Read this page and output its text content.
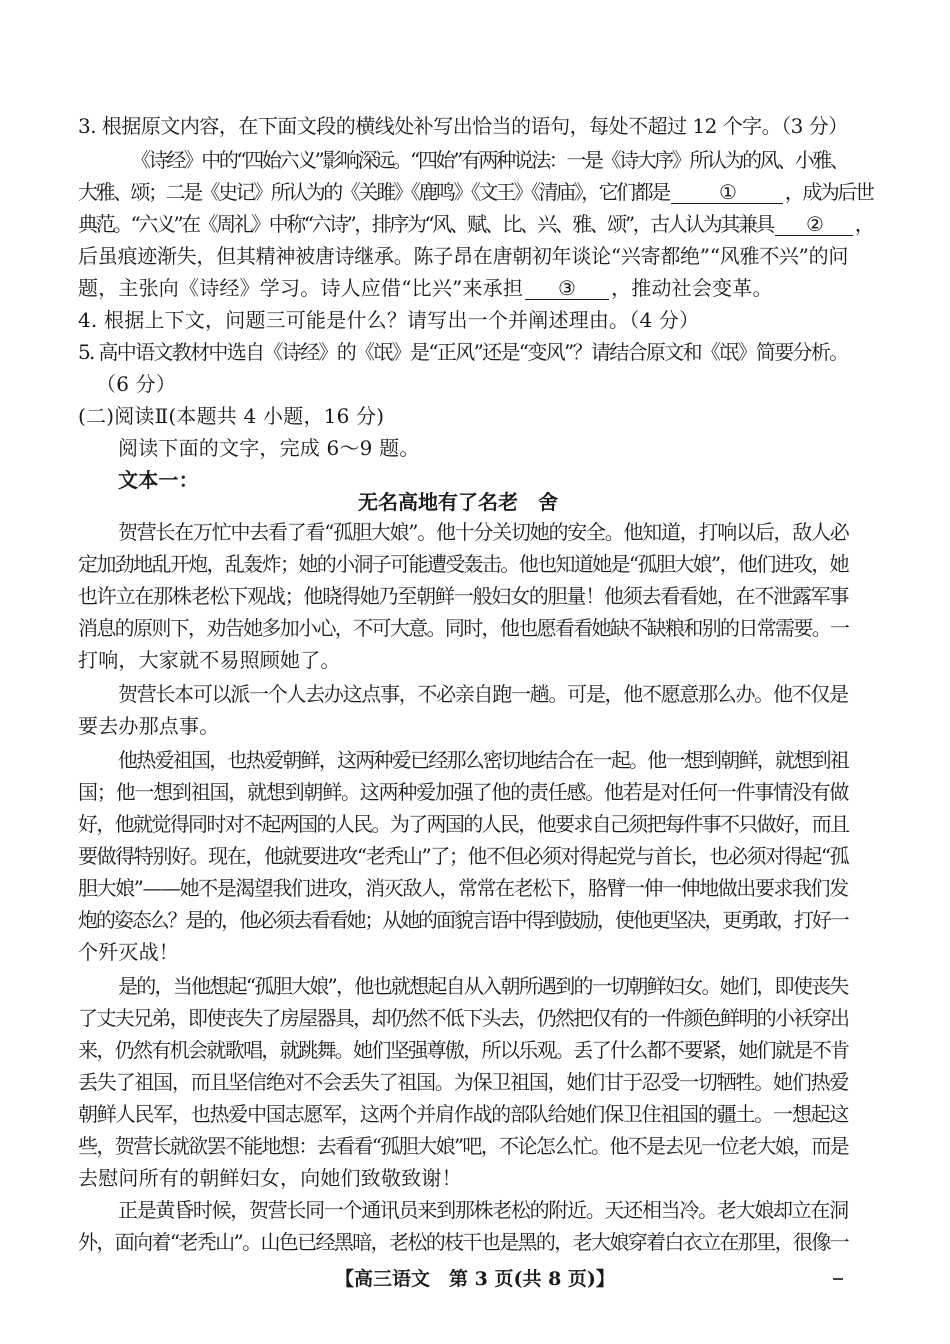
3. 根据原文内容，在下面文段的横线处补写出恰当的语句，每处不超过 12 个字。（3 分）
《诗经》中的“四始六义”影响深远。“四始”有两种说法：一是《诗大序》所认为的风、小雅、
大雅、颂；二是《史记》所认为的《关雎》《鹿鸣》《文王》《清庙》，它们都是	①	，成为后世
典范。“六义”在《周礼》中称“六诗”，排序为“风、赋、比、兴、雅、颂”，古人认为其兼具 ② ，
后虽痕迹渐失，但其精神被唐诗继承。陈子昂在唐朝初年谈论“兴寄都绝”“风雅不兴”的问
题，主张向《诗经》学习。诗人应借“比兴”来承担 ③ ，推动社会变革。
4. 根据上下文，问题三可能是什么？请写出一个并阐述理由。（4 分）
5. 高中语文教材中选自《诗经》的《氓》是“正风”还是“变风”？请结合原文和《氓》简要分析。
（6 分）
(二)阅读Ⅱ(本题共 4 小题，16 分)
阅读下面的文字，完成 6～9 题。
文本一：
无名高地有了名 老　舍
贺营长在万忙中去看了看“孤胆大娘”。他十分关切她的安全。他知道，打响以后，敌人必
定加劲地乱开炮，乱轰炸；她的小洞子可能遭受轰击。他也知道她是“孤胆大娘”，他们进攻，她
也许立在那株老松下观战；他晓得她乃至朝鲜一般妇女的胆量！他须去看看她，在不泄露军事
消息的原则下，劝告她多加小心，不可大意。同时，他也愿看看她缺不缺粮和别的日常需要。一
打响，大家就不易照顾她了。
贺营长本可以派一个人去办这点事，不必亲自跑一趟。可是，他不愿意那么办。他不仅是
要去办那点事。
他热爱祖国，也热爱朝鲜，这两种爱已经那么密切地结合在一起。他一想到朝鲜，就想到祖
国；他一想到祖国，就想到朝鲜。这两种爱加强了他的责任感。他若是对任何一件事情没有做
好，他就觉得同时对不起两国的人民。为了两国的人民，他要求自己须把每件事不只做好，而且
要做得特别好。现在，他就要进攻“老秃山”了；他不但必须对得起党与首长，也必须对得起“孤
胆大娘”——她不是渴望我们进攻，消灭敌人，常常在老松下，胳臂一伸一伸地做出要求我们发
炮的姿态么？是的，他必须去看看她；从她的面貌言语中得到鼓励，使他更坚决，更勇敢，打好一
个歼灭战！
是的，当他想起“孤胆大娘”，他也就想起自从入朝所遇到的一切朝鲜妇女。她们，即使丧失
了丈夫兄弟，即使丧失了房屋器具，却仍然不低下头去，仍然把仅有的一件颜色鲜明的小袄穿出
来，仍然有机会就歌唱，就跳舞。她们坚强尊傲，所以乐观。丢了什么都不要紧，她们就是不肯
丢失了祖国，而且坚信绝对不会丢失了祖国。为保卫祖国，她们甘于忍受一切牺牲。她们热爱
朝鲜人民军，也热爱中国志愿军，这两个并肩作战的部队给她们保卫住祖国的疆土。一想起这
些，贺营长就欲罢不能地想：去看看“孤胆大娘”吧，不论怎么忙。他不是去见一位老大娘，而是
去慰问所有的朝鲜妇女，向她们致敬致谢！
正是黄昏时候，贺营长同一个通讯员来到那株老松的附近。天还相当冷。老大娘却立在洞
外，面向着“老秃山”。山色已经黑暗，老松的枝干也是黑的，老大娘穿着白衣立在那里，很像一
【高三语文　第 3 页(共 8 页)】
